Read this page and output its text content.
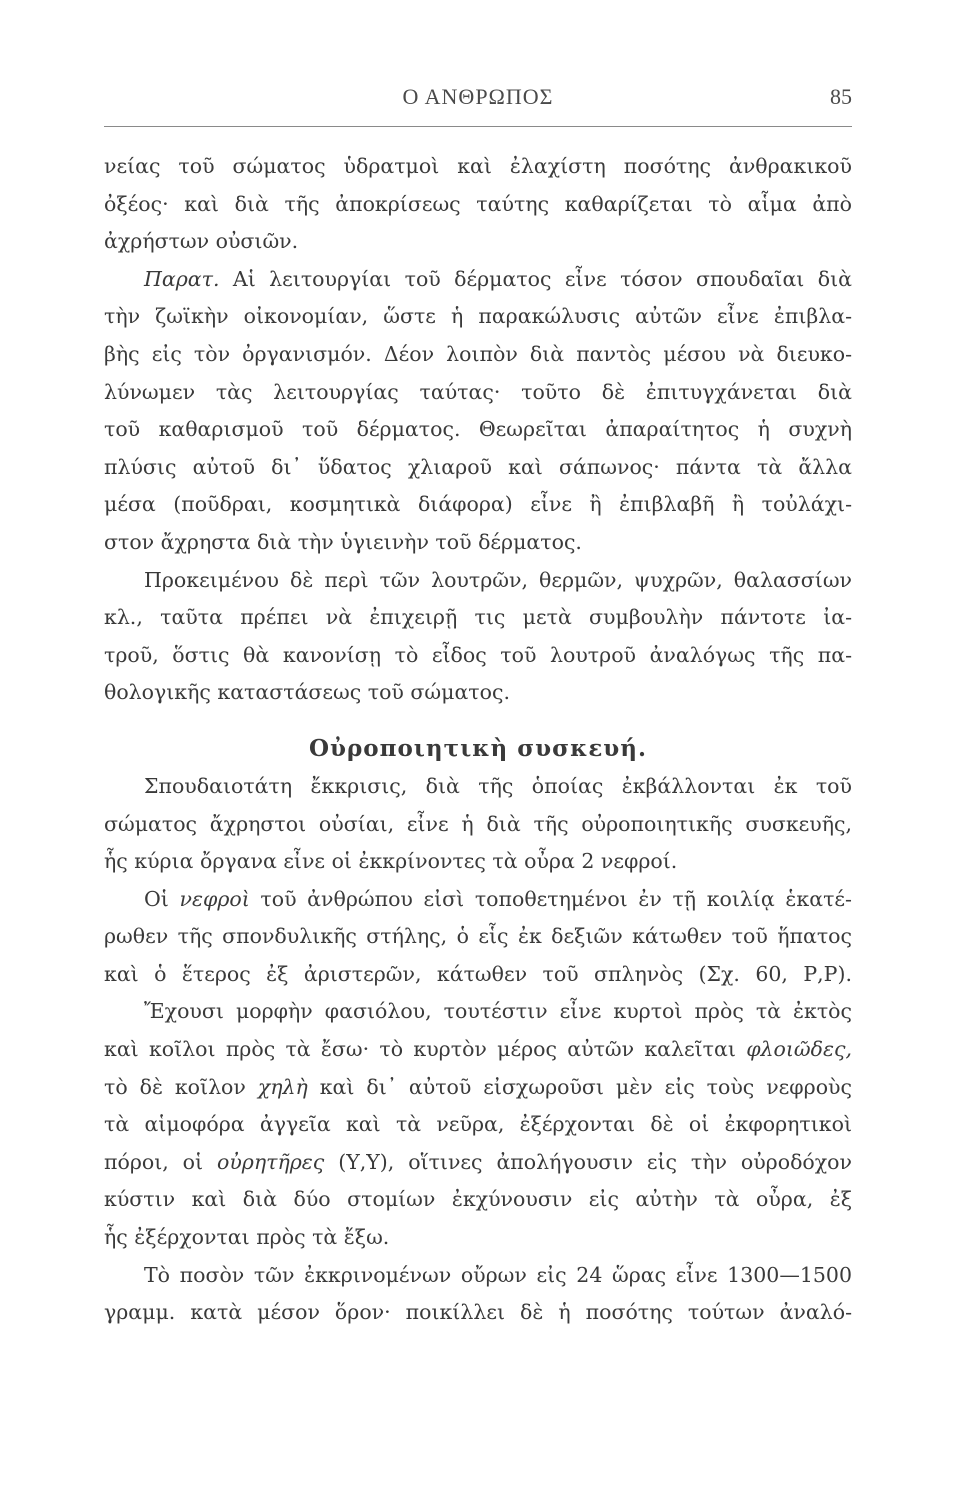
Ο ΑΝΘΡΩΠΟΣ	85
νείας τοῦ σώματος ὑδρατμοὶ καὶ ἐλαχίστη ποσότης ἀνθρακικοῦ
ὀξέος· καὶ διὰ τῆς ἀποκρίσεως ταύτης καθαρίζεται τὸ αἷμα ἀπὸ
ἀχρήστων οὐσιῶν.
Παρατ. Αἱ λειτουργίαι τοῦ δέρματος εἶνε τόσον σπουδαῖαι διὰ
τὴν ζωϊκὴν οἰκονομίαν, ὥστε ἡ παρακώλυσις αὐτῶν εἶνε ἐπιβλα-
βὴς εἰς τὸν ὀργανισμόν. Δέον λοιπὸν διὰ παντὸς μέσου νὰ διευκο-
λύνωμεν τὰς λειτουργίας ταύτας· τοῦτο δὲ ἐπιτυγχάνεται διὰ
τοῦ καθαρισμοῦ τοῦ δέρματος. Θεωρεῖται ἀπαραίτητος ἡ συχνὴ
πλύσις αὐτοῦ δι᾽ ὕδατος χλιαροῦ καὶ σάπωνος· πάντα τὰ ἄλλα
μέσα (ποῦδραι, κοσμητικὰ διάφορα) εἶνε ἢ ἐπιβλαβῆ ἢ τοὐλάχι-
στον ἄχρηστα διὰ τὴν ὑγιεινὴν τοῦ δέρματος.
Προκειμένου δὲ περὶ τῶν λουτρῶν, θερμῶν, ψυχρῶν, θαλασσίων
κλ., ταῦτα πρέπει νὰ ἐπιχειρῇ τις μετὰ συμβουλὴν πάντοτε ἰα-
τροῦ, ὅστις θὰ κανονίσῃ τὸ εἶδος τοῦ λουτροῦ ἀναλόγως τῆς πα-
θολογικῆς καταστάσεως τοῦ σώματος.
Οὐροποιητικὴ συσκευή.
Σπουδαιοτάτη ἔκκρισις, διὰ τῆς ὁποίας ἐκβάλλονται ἐκ τοῦ
σώματος ἄχρηστοι οὐσίαι, εἶνε ἡ διὰ τῆς οὐροποιητικῆς συσκευῆς,
ἧς κύρια ὄργανα εἶνε οἱ ἐκκρίνοντες τὰ οὖρα 2 νεφροί.
Οἱ νεφροὶ τοῦ ἀνθρώπου εἰσὶ τοποθετημένοι ἐν τῇ κοιλίᾳ ἑκατέ-
ρωθεν τῆς σπονδυλικῆς στήλης, ὁ εἷς ἐκ δεξιῶν κάτωθεν τοῦ ἥπατος
καὶ ὁ ἕτερος ἐξ ἀριστερῶν, κάτωθεν τοῦ σπληνὸς (Σχ. 60, Ρ,Ρ).
Ἔχουσι μορφὴν φασιόλου, τουτέστιν εἶνε κυρτοὶ πρὸς τὰ ἐκτὸς
καὶ κοῖλοι πρὸς τὰ ἔσω· τὸ κυρτὸν μέρος αὐτῶν καλεῖται φλοιῶδες,
τὸ δὲ κοῖλον χηλὴ καὶ δι᾽ αὐτοῦ εἰσχωροῦσι μὲν εἰς τοὺς νεφροὺς
τὰ αἱμοφόρα ἀγγεῖα καὶ τὰ νεῦρα, ἐξέρχονται δὲ οἱ ἐκφορητικοὶ
πόροι, οἱ οὐρητῆρες (Υ,Υ), οἵτινες ἀπολήγουσιν εἰς τὴν οὐροδόχον
κύστιν καὶ διὰ δύο στομίων ἐκχύνουσιν εἰς αὐτὴν τὰ οὖρα, ἐξ
ἧς ἐξέρχονται πρὸς τὰ ἔξω.
Τὸ ποσὸν τῶν ἐκκρινομένων οὔρων εἰς 24 ὥρας εἶνε 1300—1500
γραμμ. κατὰ μέσον ὅρον· ποικίλλει δὲ ἡ ποσότης τούτων ἀναλό-
